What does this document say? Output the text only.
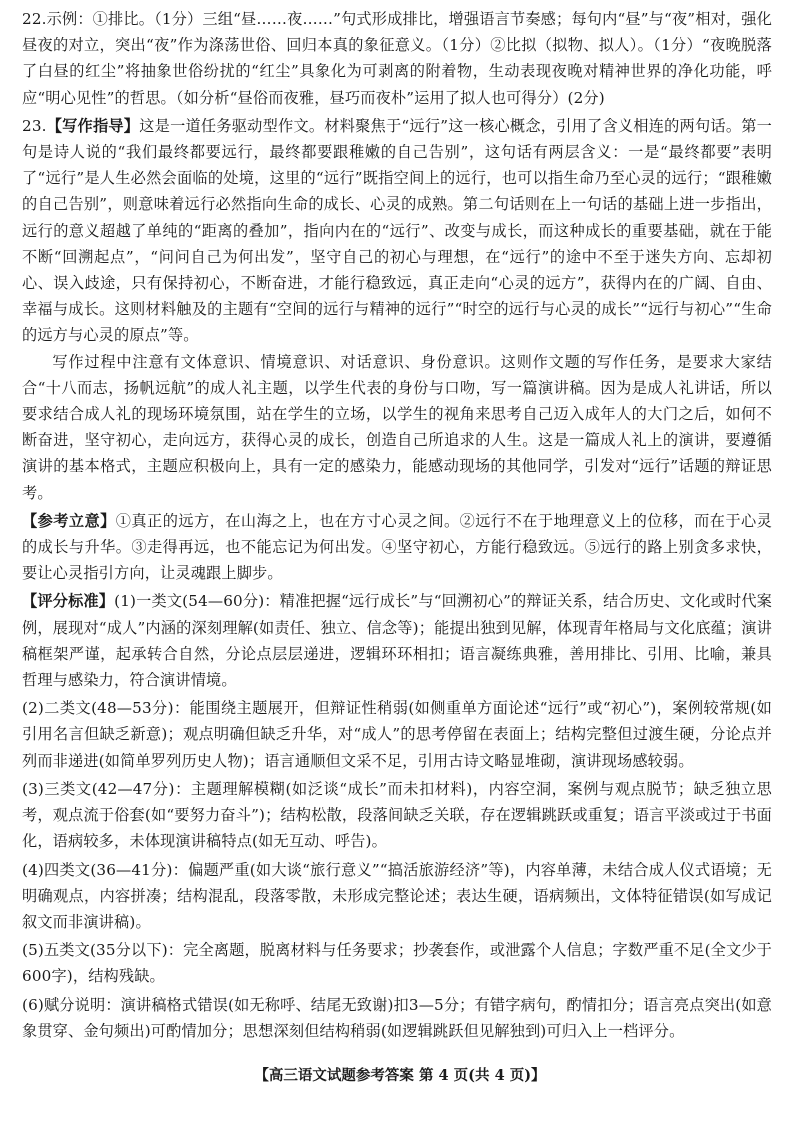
22.示例：①排比。（1分）三组“昼……夜……”句式形成排比，增强语言节奏感；每句内“昼”与“夜”相对，强化昼夜的对立，突出“夜”作为涤荡世俗、回归本真的象征意义。（1分）②比拟（拟物、拟人）。（1分）“夜晚脱落了白昼的红尘”将抽象世俗纷扰的“红尘”具象化为可剥离的附着物，生动表现夜晚对精神世界的净化功能，呼应“明心见性”的哲思。（如分析“昼俗而夜雅，昼巧而夜朴”运用了拟人也可得分）(2分)

23.【写作指导】这是一道任务驱动型作文。材料聚焦于“远行”这一核心概念，引用了含义相连的两句话。第一句是诗人说的“我们最终都要远行，最终都要跟稚嫩的自己告别”，这句话有两层含义：一是“最终都要”表明了“远行”是人生必然会面临的处境，这里的“远行”既指空间上的远行，也可以指生命乃至心灵的远行；“跟稚嫩的自己告别”，则意味着远行必然指向生命的成长、心灵的成熟。第二句话则在上一句话的基础上进一步指出，远行的意义超越了单纯的“距离的叠加”，指向内在的“远行”、改变与成长，而这种成长的重要基础，就在于能不断“回溯起点”，“问问自己为何出发”，坚守自己的初心与理想，在“远行”的途中不至于迷失方向、忘却初心、误入歧途，只有保持初心，不断奋进，才能行稳致远，真正走向“心灵的远方”，获得内在的广阔、自由、幸福与成长。这则材料触及的主题有“空间的远行与精神的远行”“时空的远行与心灵的成长”“远行与初心”“生命的远方与心灵的原点”等。

写作过程中注意有文体意识、情境意识、对话意识、身份意识。这则作文题的写作任务，是要求大家结合“十八而志，扬帆远航”的成人礼主题，以学生代表的身份与口吻，写一篇演讲稿。因为是成人礼讲话，所以要求结合成人礼的现场环境氛围，站在学生的立场，以学生的视角来思考自己迈入成年人的大门之后，如何不断奋进，坚守初心，走向远方，获得心灵的成长，创造自己所追求的人生。这是一篇成人礼上的演讲，要遵循演讲的基本格式，主题应积极向上，具有一定的感染力，能感动现场的其他同学，引发对“远行”话题的辩证思考。

【参考立意】①真正的远方，在山海之上，也在方寸心灵之间。②远行不在于地理意义上的位移，而在于心灵的成长与升华。③走得再远，也不能忘记为何出发。④坚守初心，方能行稳致远。⑤远行的路上别贪多求快，要让心灵指引方向，让灵魂跟上脚步。

【评分标准】(1)一类文(54—60分)：精准把握“远行成长”与“回溯初心”的辩证关系，结合历史、文化或时代案例，展现对“成人”内涵的深刻理解(如责任、独立、信念等)；能提出独到见解，体现青年格局与文化底蕴；演讲稿框架严谨，起承转合自然，分论点层层递进，逻辑环环相扣；语言凝练典雅，善用排比、引用、比喻，兼具哲理与感染力，符合演讲情境。

(2)二类文(48—53分)：能围绕主题展开，但辩证性稍弱(如侧重单方面论述“远行”或“初心”)，案例较常规(如引用名言但缺乏新意)；观点明确但缺乏升华，对“成人”的思考停留在表面上；结构完整但过渡生硬，分论点并列而非递进(如简单罗列历史人物)；语言通顺但文采不足，引用古诗文略显堆砌，演讲现场感较弱。

(3)三类文(42—47分)：主题理解模糊(如泛谈“成长”而未扣材料)，内容空洞，案例与观点脱节；缺乏独立思考，观点流于俗套(如“要努力奋斗”)；结构松散，段落间缺乏关联，存在逻辑跳跃或重复；语言平淡或过于书面化，语病较多，未体现演讲稿特点(如无互动、呼告)。

(4)四类文(36—41分)：偏题严重(如大谈“旅行意义”“搞活旅游经济”等)，内容单薄，未结合成人仪式语境；无明确观点，内容拼凑；结构混乱，段落零散，未形成完整论述；表达生硬，语病频出，文体特征错误(如写成记叙文而非演讲稿)。

(5)五类文(35分以下)：完全离题，脱离材料与任务要求；抄袭套作，或泄露个人信息；字数严重不足(全文少于600字)，结构残缺。

(6)赋分说明：演讲稿格式错误(如无称呼、结尾无致谢)扣3—5分；有错字病句，酌情扣分；语言亮点突出(如意象贯穿、金句频出)可酌情加分；思想深刻但结构稍弱(如逻辑跳跃但见解独到)可归入上一档评分。

【高三语文试题参考答案 第 4 页(共 4 页)】
